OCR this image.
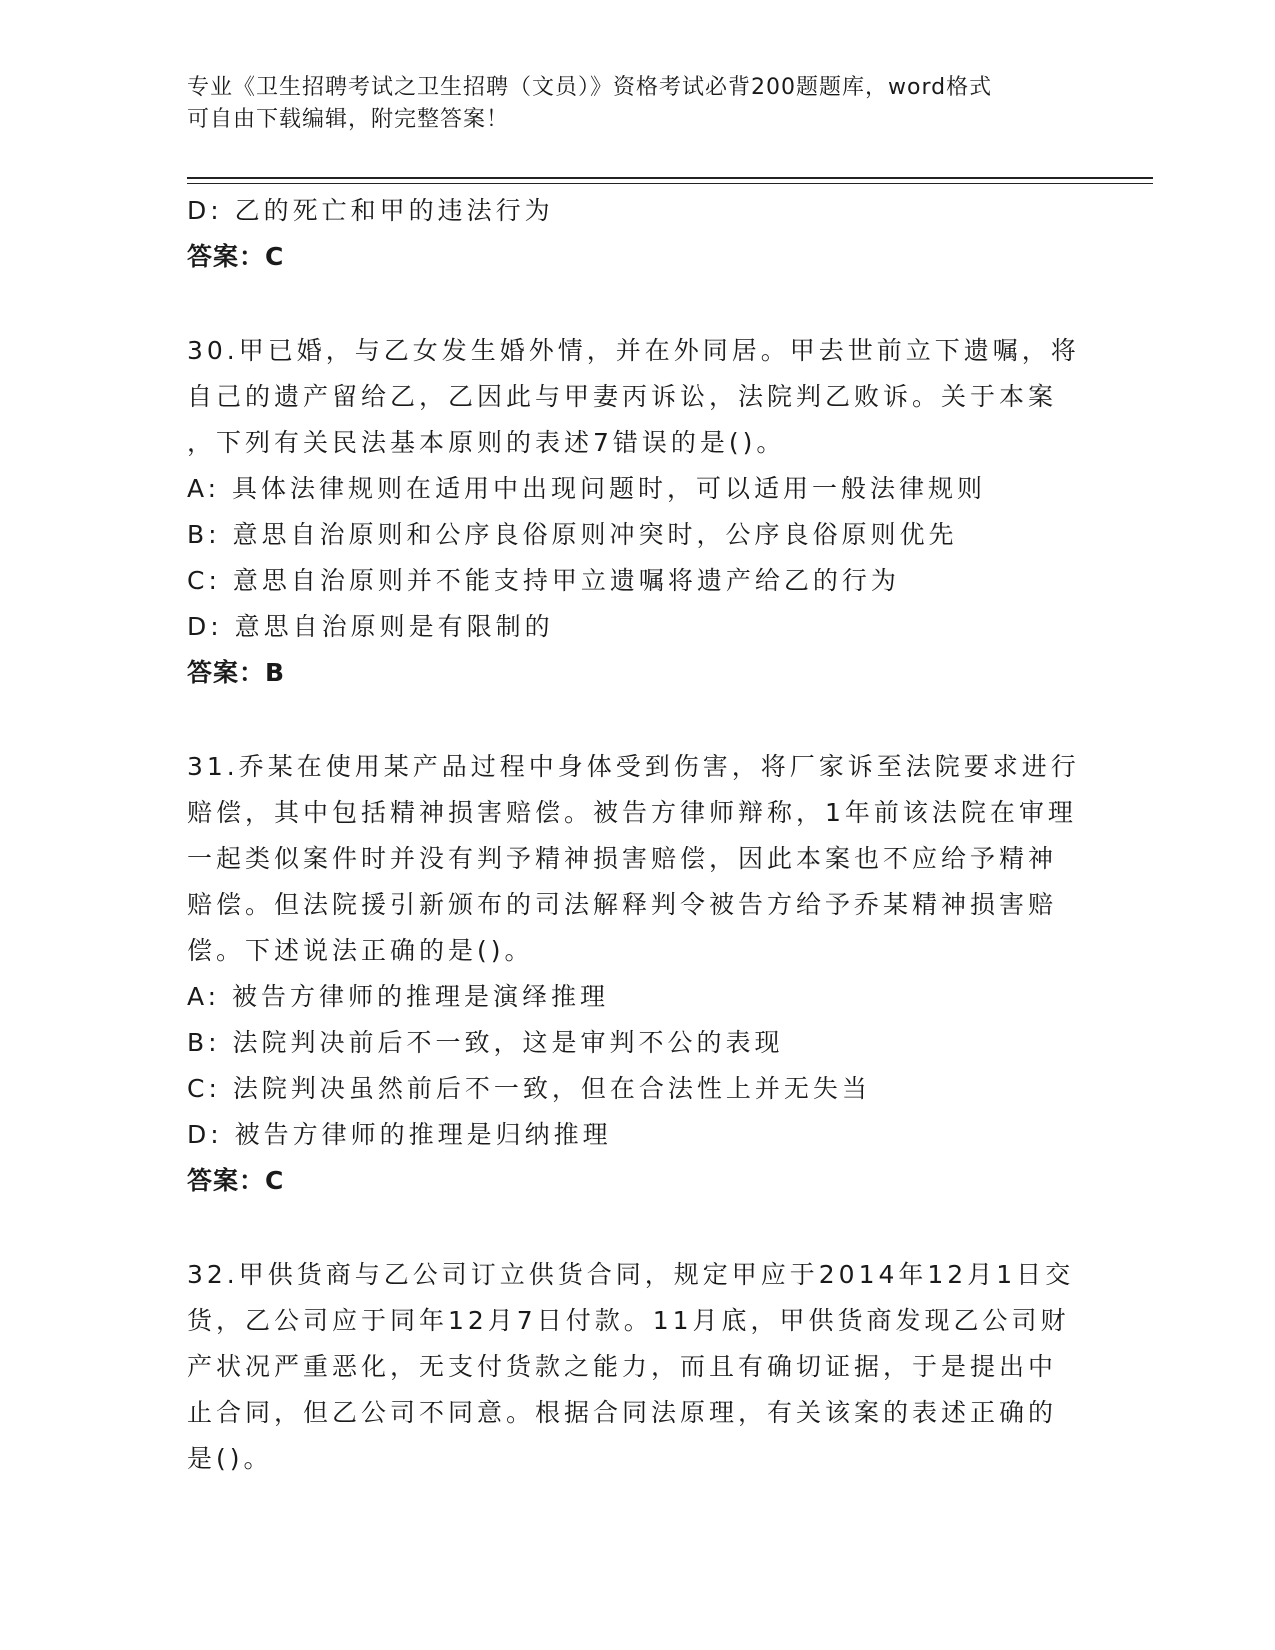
专业《卫生招聘考试之卫生招聘（文员）》资格考试必背200题题库，word格式
可自由下载编辑，附完整答案！
D: 乙的死亡和甲的违法行为
答案：C
30.甲已婚，与乙女发生婚外情，并在外同居。甲去世前立下遗嘱，将
自己的遗产留给乙，乙因此与甲妻丙诉讼，法院判乙败诉。关于本案
，下列有关民法基本原则的表述7错误的是()。
A: 具体法律规则在适用中出现问题时，可以适用一般法律规则
B: 意思自治原则和公序良俗原则冲突时，公序良俗原则优先
C: 意思自治原则并不能支持甲立遗嘱将遗产给乙的行为
D: 意思自治原则是有限制的
答案：B
31.乔某在使用某产品过程中身体受到伤害，将厂家诉至法院要求进行
赔偿，其中包括精神损害赔偿。被告方律师辩称，1年前该法院在审理
一起类似案件时并没有判予精神损害赔偿，因此本案也不应给予精神
赔偿。但法院援引新颁布的司法解释判令被告方给予乔某精神损害赔
偿。下述说法正确的是()。
A: 被告方律师的推理是演绎推理
B: 法院判决前后不一致，这是审判不公的表现
C: 法院判决虽然前后不一致，但在合法性上并无失当
D: 被告方律师的推理是归纳推理
答案：C
32.甲供货商与乙公司订立供货合同，规定甲应于2014年12月1日交
货，乙公司应于同年12月7日付款。11月底，甲供货商发现乙公司财
产状况严重恶化，无支付货款之能力，而且有确切证据，于是提出中
止合同，但乙公司不同意。根据合同法原理，有关该案的表述正确的
是()。
